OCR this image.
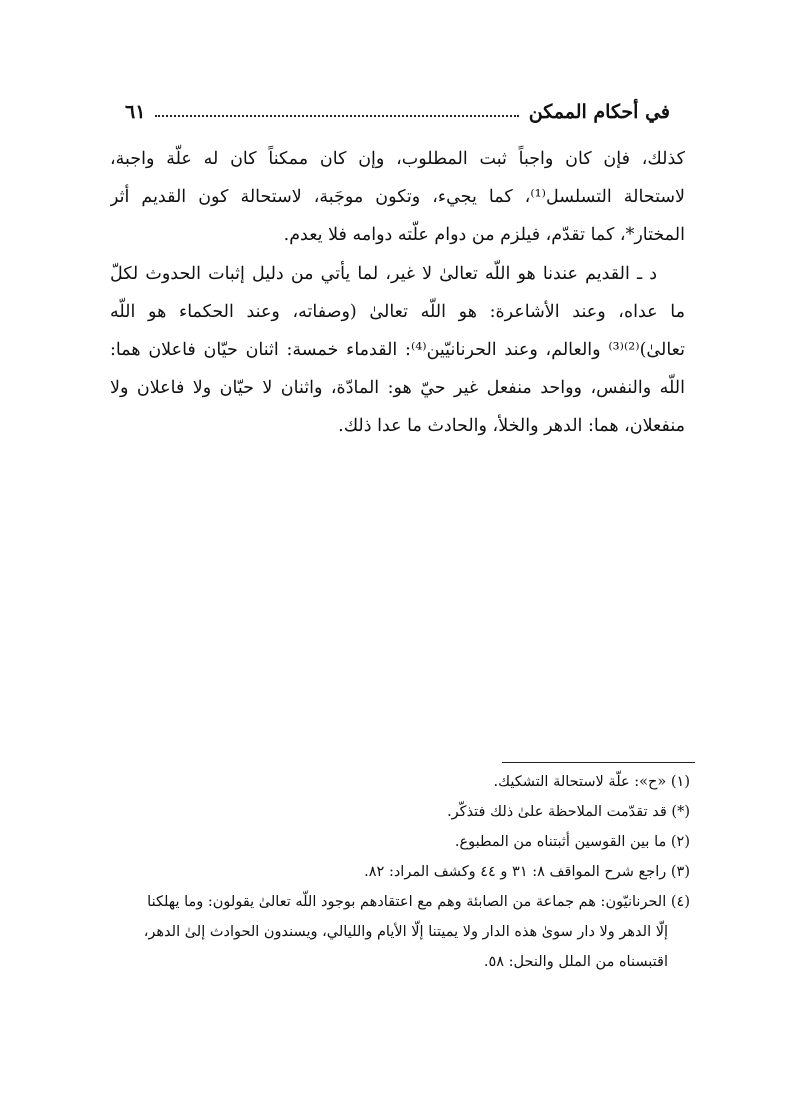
في أحكام الممكن
٦١
كذلك، فإن كان واجباً ثبت المطلوب، وإن كان ممكناً كان له علّة واجبة،
لاستحالة التسلسل⁽¹⁾، كما يجيء، وتكون موجَبة، لاستحالة كون القديم أثر
المختار*، كما تقدّم، فيلزم من دوام علّته دوامه فلا يعدم.
د ـ القديم عندنا هو اللّه تعالىٰ لا غير، لما يأتي من دليل إثبات الحدوث لكلّ
ما عداه، وعند الأشاعرة: هو اللّه تعالىٰ (وصفاته، وعند الحكماء هو اللّه
تعالىٰ)⁽²⁾⁽³⁾ والعالم، وعند الحرنانيّين⁽⁴⁾: القدماء خمسة: اثنان حيّان فاعلان هما:
اللّه والنفس، وواحد منفعل غير حيّ هو: المادّة، واثنان لا حيّان ولا فاعلان ولا
منفعلان، هما: الدهر والخلأ، والحادث ما عدا ذلك.
(١) «ح»: علّة لاستحالة التشكيك.
(*) قد تقدّمت الملاحظة علىٰ ذلك فتذكّر.
(٢) ما بين القوسين أثبتناه من المطبوع.
(٣) راجع شرح المواقف ٨: ٣١ و ٤٤ وكشف المراد: ٨٢.
(٤) الحرنانيّون: هم جماعة من الصابئة وهم مع اعتقادهم بوجود اللّه تعالىٰ يقولون: وما يهلكنا
إلّا الدهر ولا دار سوىٰ هذه الدار ولا يميتنا إلّا الأيام والليالي، ويسندون الحوادث إلىٰ الدهر،
اقتبسناه من الملل والنحل: ٥٨.
